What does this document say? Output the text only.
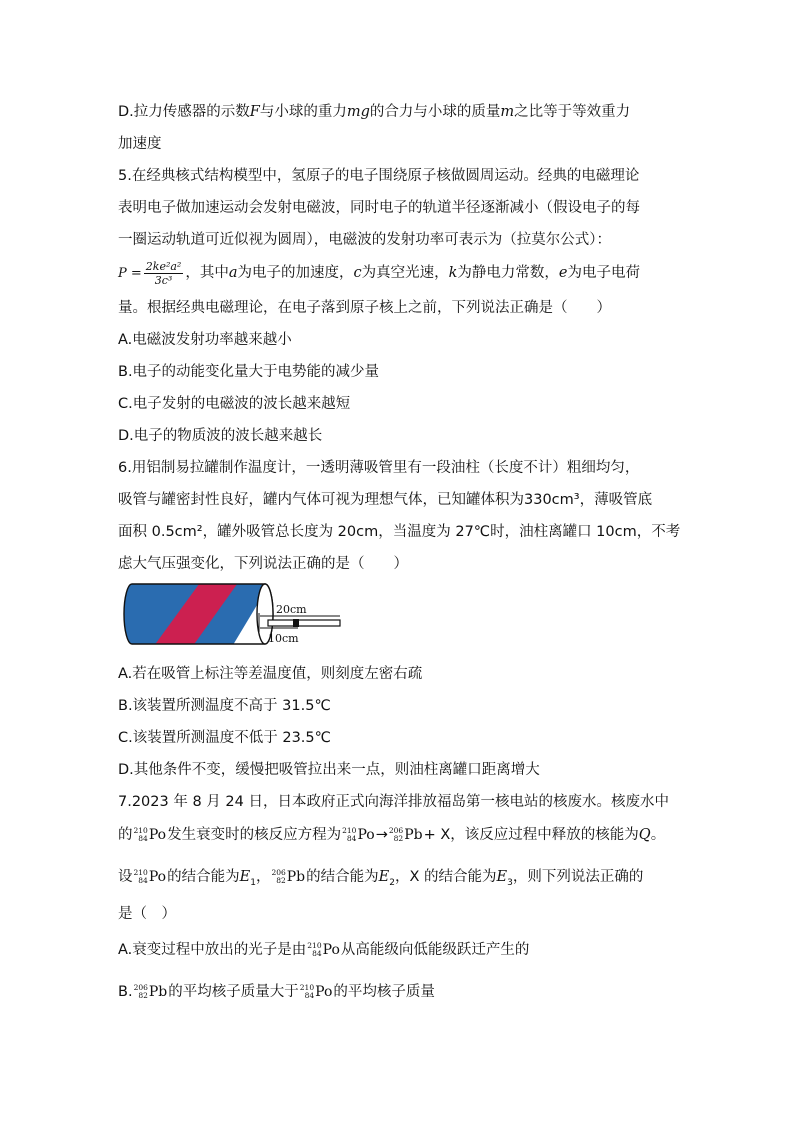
D.拉力传感器的示数F与小球的重力mg的合力与小球的质量m之比等于等效重力
加速度
5.在经典核式结构模型中，氢原子的电子围绕原子核做圆周运动。经典的电磁理论
表明电子做加速运动会发射电磁波，同时电子的轨道半径逐渐减小（假设电子的每
一圈运动轨道可近似视为圆周），电磁波的发射功率可表示为（拉莫尔公式）：
$P = \frac{\text{2ke²a²}}{\text{3c³}}$ ，其中a为电子的加速度，c为真空光速，k为静电力常数，e为电子电荷
量。根据经典电磁理论，在电子落到原子核上之前，下列说法正确是（　　）
A.电磁波发射功率越来越小
B.电子的动能变化量大于电势能的减少量
C.电子发射的电磁波的波长越来越短
D.电子的物质波的波长越来越长
6.用铝制易拉罐制作温度计，一透明薄吸管里有一段油柱（长度不计）粗细均匀，
吸管与罐密封性良好，罐内气体可视为理想气体，已知罐体积为330cm³，薄吸管底
面积 0.5cm²，罐外吸管总长度为 20cm，当温度为 27℃时，油柱离罐口 10cm，不考
虑大气压强变化，下列说法正确的是（　　）
20cm
10cm
A.若在吸管上标注等差温度值，则刻度左密右疏
B.该装置所测温度不高于 31.5℃
C.该装置所测温度不低于 23.5℃
D.其他条件不变，缓慢把吸管拉出来一点，则油柱离罐口距离增大
7.2023 年 8 月 24 日，日本政府正式向海洋排放福岛第一核电站的核废水。核废水中
的 210
84 Po 发生衰变时的核反应方程为 210
84 Po → 206
82 Pb + X，该反应过程中释放的核能为Q。
设 210
84 Po 的结合能为$E_1$， 206
82 Pb 的结合能为$E_2$，X 的结合能为$E_3$，则下列说法正确的
是（　）
A.衰变过程中放出的光子是由 210
84 Po 从高能级向低能级跃迁产生的
B. 206
82 Pb 的平均核子质量大于 210
84 Po 的平均核子质量
